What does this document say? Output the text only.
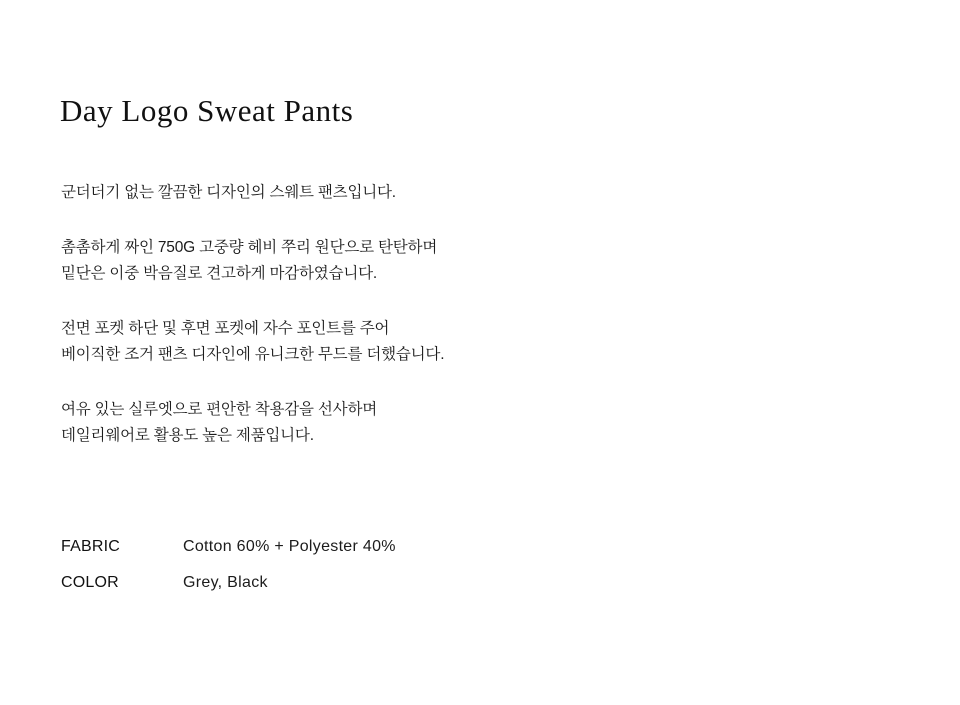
Day Logo Sweat Pants

군더더기 없는 깔끔한 디자인의 스웨트 팬츠입니다.

촘촘하게 짜인 750G 고중량 헤비 쭈리 원단으로 탄탄하며
밑단은 이중 박음질로 견고하게 마감하였습니다.

전면 포켓 하단 및 후면 포켓에 자수 포인트를 주어
베이직한 조거 팬츠 디자인에 유니크한 무드를 더했습니다.

여유 있는 실루엣으로 편안한 착용감을 선사하며
데일리웨어로 활용도 높은 제품입니다.

FABRIC	Cotton 60% + Polyester 40%
COLOR	Grey, Black
